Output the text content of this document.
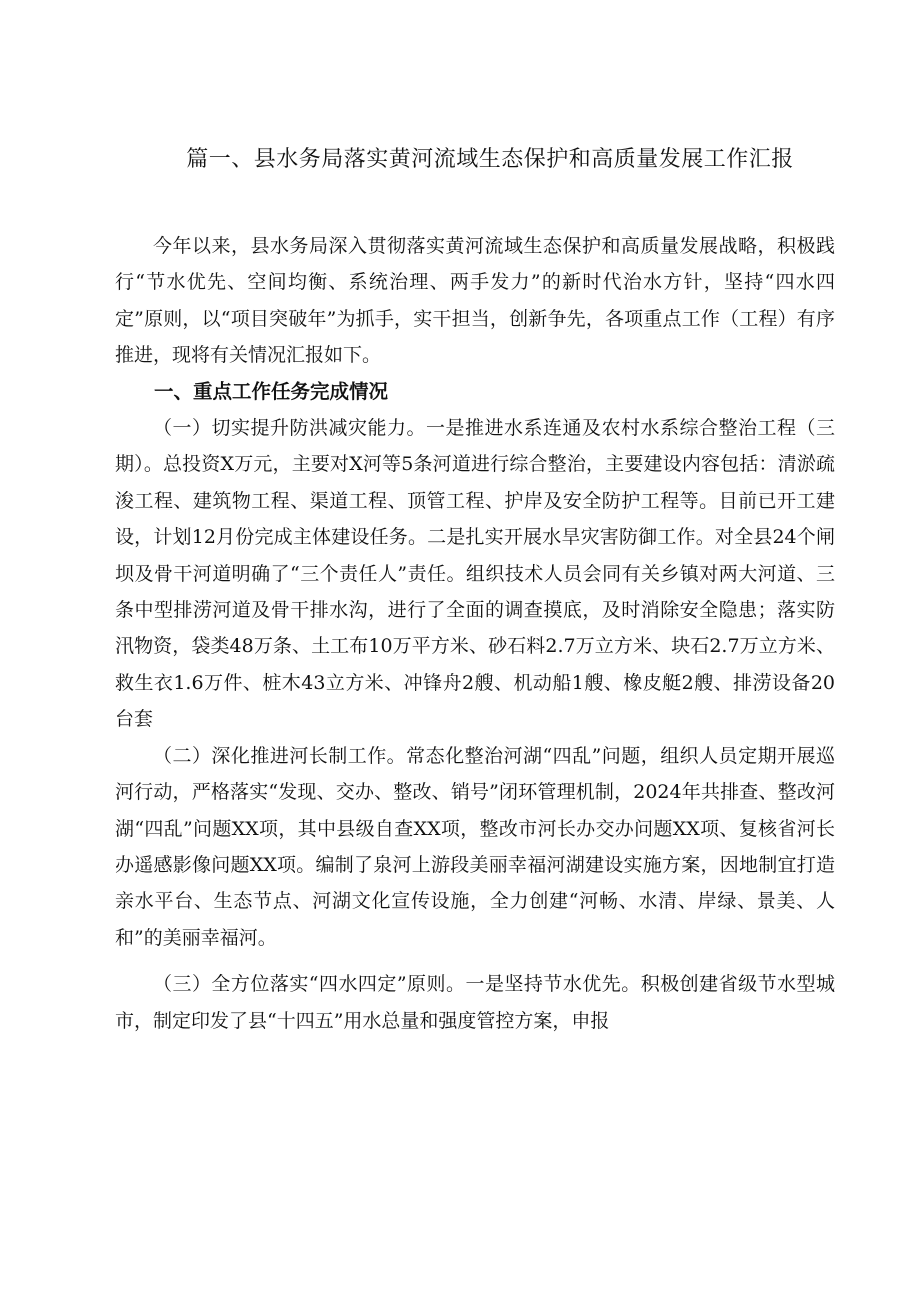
篇一、县水务局落实黄河流域生态保护和高质量发展工作汇报

今年以来，县水务局深入贯彻落实黄河流域生态保护和高质量发展战略，积极践行“节水优先、空间均衡、系统治理、两手发力”的新时代治水方针，坚持“四水四定”原则，以“项目突破年”为抓手，实干担当，创新争先，各项重点工作（工程）有序推进，现将有关情况汇报如下。

一、重点工作任务完成情况

（一）切实提升防洪减灾能力。一是推进水系连通及农村水系综合整治工程（三期）。总投资X万元，主要对X河等5条河道进行综合整治，主要建设内容包括：清淤疏浚工程、建筑物工程、渠道工程、顶管工程、护岸及安全防护工程等。目前已开工建设，计划12月份完成主体建设任务。二是扎实开展水旱灾害防御工作。对全县24个闸坝及骨干河道明确了“三个责任人”责任。组织技术人员会同有关乡镇对两大河道、三条中型排涝河道及骨干排水沟，进行了全面的调查摸底，及时消除安全隐患；落实防汛物资，袋类48万条、土工布10万平方米、砂石料2.7万立方米、块石2.7万立方米、救生衣1.6万件、桩木43立方米、冲锋舟2艘、机动船1艘、橡皮艇2艘、排涝设备20台套

（二）深化推进河长制工作。常态化整治河湖“四乱”问题，组织人员定期开展巡河行动，严格落实“发现、交办、整改、销号”闭环管理机制，2024年共排查、整改河湖“四乱”问题XX项，其中县级自查XX项，整改市河长办交办问题XX项、复核省河长办遥感影像问题XX项。编制了泉河上游段美丽幸福河湖建设实施方案，因地制宜打造亲水平台、生态节点、河湖文化宣传设施，全力创建“河畅、水清、岸绿、景美、人和”的美丽幸福河。

（三）全方位落实“四水四定”原则。一是坚持节水优先。积极创建省级节水型城市，制定印发了县“十四五”用水总量和强度管控方案，申报
